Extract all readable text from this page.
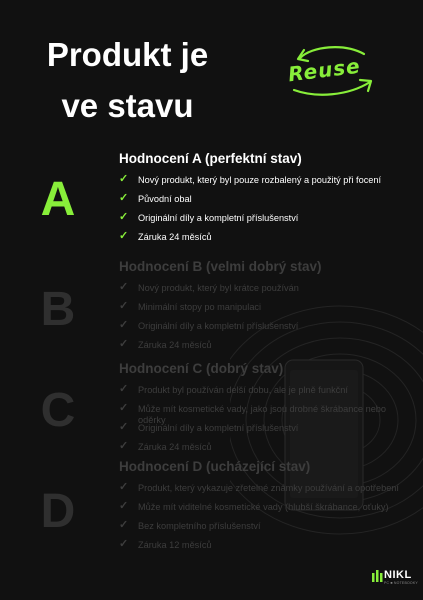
Produkt je
ve stavu
Reuse
A
B
C
D
Hodnocení A (perfektní stav)
✓ Nový produkt, který byl pouze rozbalený a použitý při focení
✓ Původní obal
✓ Originální díly a kompletní příslušenství
✓ Záruka 24 měsíců
Hodnocení B (velmi dobrý stav)
✓ Nový produkt, který byl krátce používán
✓ Minimální stopy po manipulaci
✓ Originální díly a kompletní příslušenství
✓ Záruka 24 měsíců
Hodnocení C (dobrý stav)
✓ Produkt byl používán delší dobu, ale je plně funkční
✓ Může mít kosmetické vady, jako jsou drobné škrábance nebo oděrky
✓ Originální díly a kompletní příslušenství
✓ Záruka 24 měsíců
Hodnocení D (ucházející stav)
✓ Produkt, který vykazuje zřetelné známky používání a opotřebení
✓ Může mít viditelné kosmetické vady (hlubší škrábance, oťuky)
✓ Bez kompletního příslušenství
✓ Záruka 12 měsíců
NIKL
PC ■ NOTEBOOKY
